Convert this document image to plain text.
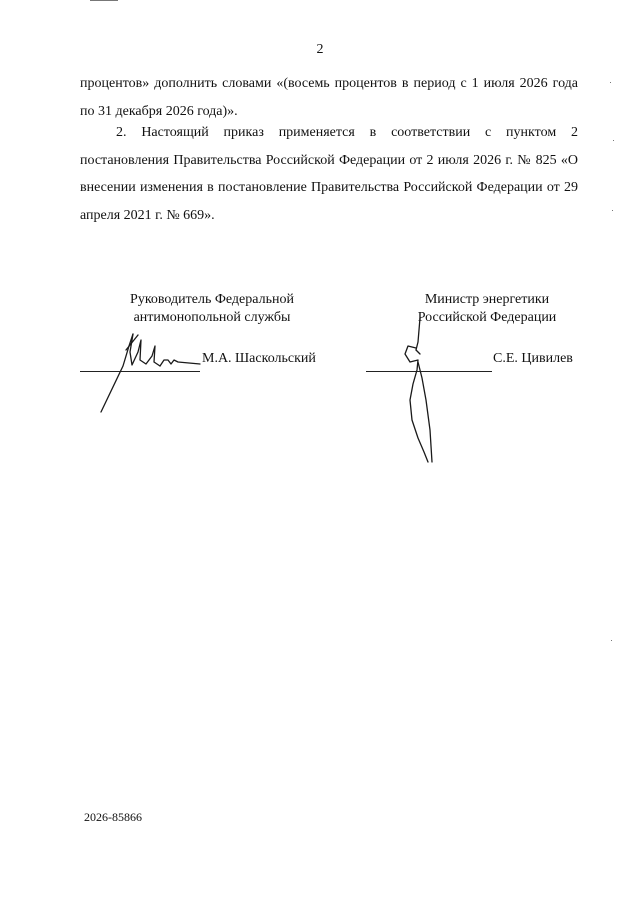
2

процентов» дополнить словами «(восемь процентов в период с 1 июля 2026 года по 31 декабря 2026 года)».

2. Настоящий приказ применяется в соответствии с пунктом 2 постановления Правительства Российской Федерации от 2 июля 2026 г. № 825 «О внесении изменения в постановление Правительства Российской Федерации от 29 апреля 2021 г. № 669».

Руководитель Федеральной
антимонопольной службы
Министр энергетики
Российской Федерации
М.А. Шаскольский	С.Е. Цивилев
2026-85866
